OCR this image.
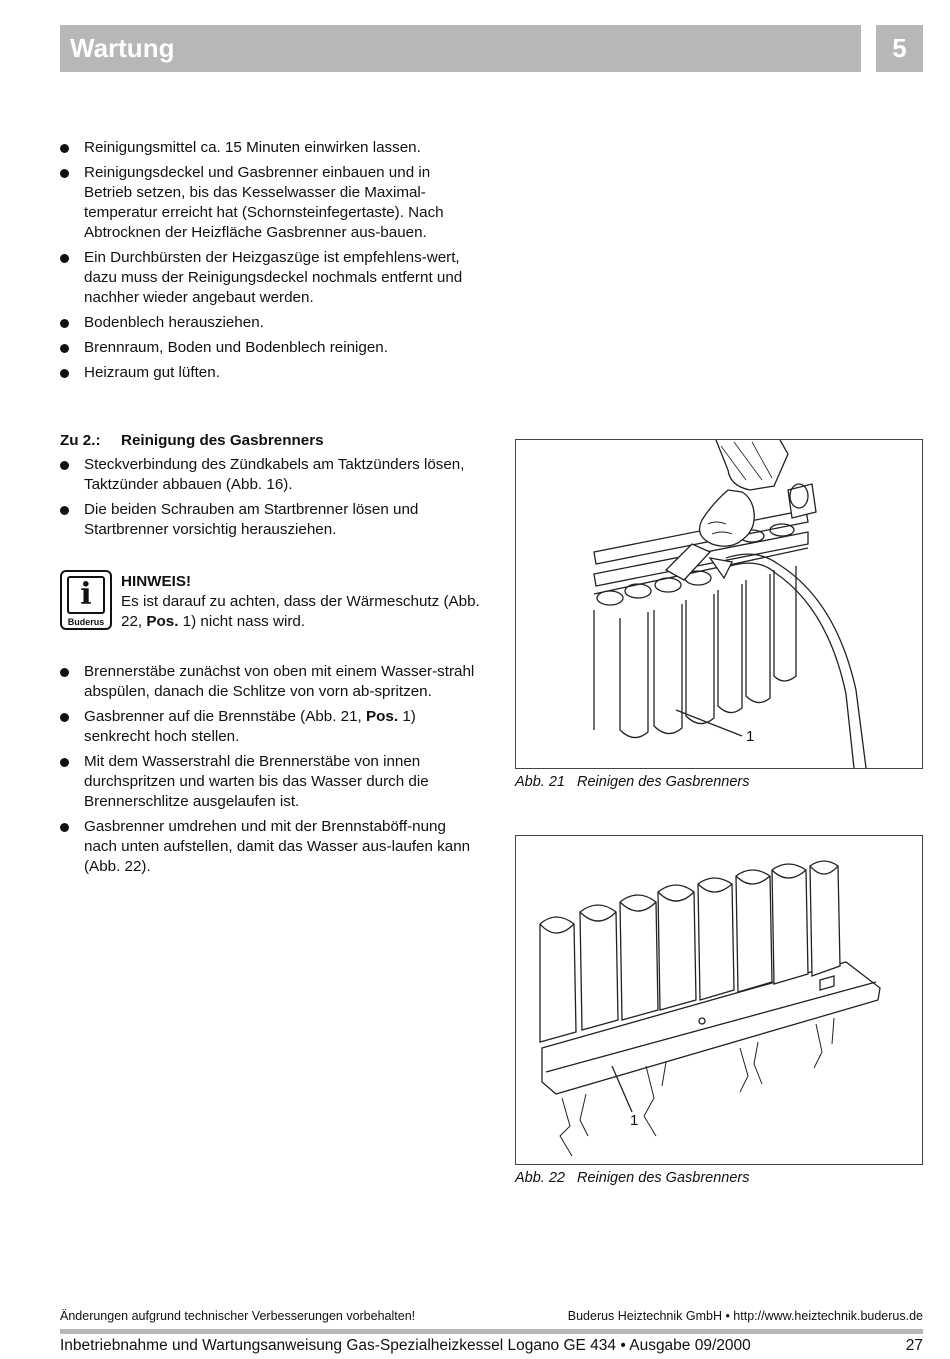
Wartung	5
Reinigungsmittel ca. 15 Minuten einwirken lassen.
Reinigungsdeckel und Gasbrenner einbauen und in Betrieb setzen, bis das Kesselwasser die Maximal-temperatur erreicht hat (Schornsteinfegertaste). Nach Abtrocknen der Heizfläche Gasbrenner aus-bauen.
Ein Durchbürsten der Heizgaszüge ist empfehlens-wert, dazu muss der Reinigungsdeckel nochmals entfernt und nachher wieder angebaut werden.
Bodenblech herausziehen.
Brennraum, Boden und Bodenblech reinigen.
Heizraum gut lüften.
Zu 2.: Reinigung des Gasbrenners
Steckverbindung des Zündkabels am Taktzünders lösen, Taktzünder abbauen (Abb. 16).
Die beiden Schrauben am Startbrenner lösen und Startbrenner vorsichtig herausziehen.
i
Buderus
HINWEIS!
Es ist darauf zu achten, dass der Wärmeschutz (Abb. 22, Pos. 1) nicht nass wird.
Brennerstäbe zunächst von oben mit einem Wasser-strahl abspülen, danach die Schlitze von vorn ab-spritzen.
Gasbrenner auf die Brennstäbe (Abb. 21, Pos. 1) senkrecht hoch stellen.
Mit dem Wasserstrahl die Brennerstäbe von innen durchspritzen und warten bis das Wasser durch die Brennerschlitze ausgelaufen ist.
Gasbrenner umdrehen und mit der Brennstaböff-nung nach unten aufstellen, damit das Wasser aus-laufen kann (Abb. 22).
1
Abb. 21 Reinigen des Gasbrenners
1
Abb. 22 Reinigen des Gasbrenners
Änderungen aufgrund technischer Verbesserungen vorbehalten!	Buderus Heiztechnik GmbH • http://www.heiztechnik.buderus.de
Inbetriebnahme und Wartungsanweisung Gas-Spezialheizkessel Logano GE 434 • Ausgabe 09/2000	27
